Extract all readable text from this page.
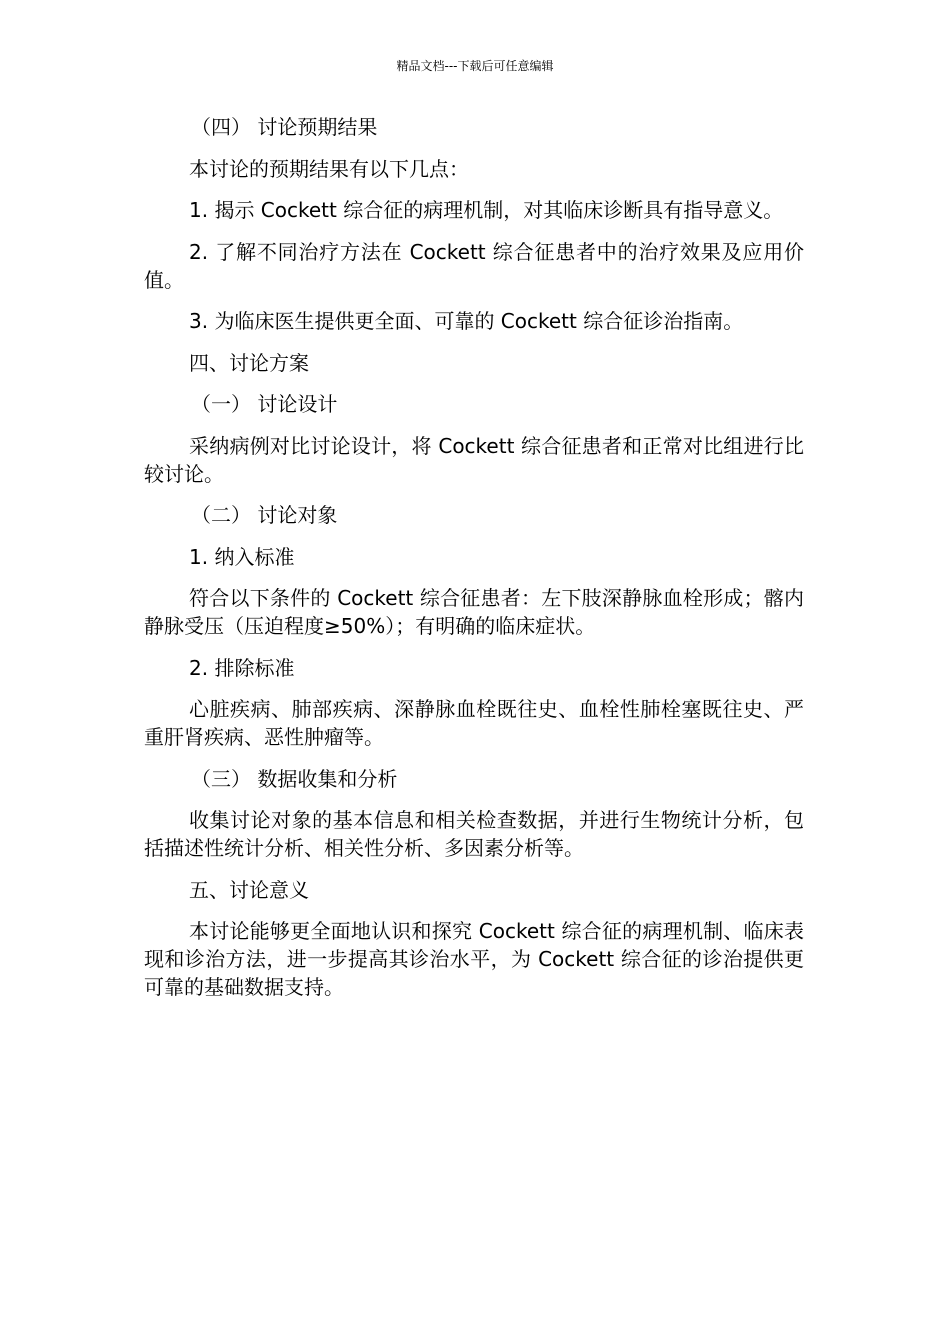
精品文档---下载后可任意编辑

（四） 讨论预期结果

本讨论的预期结果有以下几点：

1. 揭示 Cockett 综合征的病理机制，对其临床诊断具有指导意义。

2. 了解不同治疗方法在 Cockett 综合征患者中的治疗效果及应用价值。

3. 为临床医生提供更全面、可靠的 Cockett 综合征诊治指南。

四、讨论方案

（一） 讨论设计

采纳病例对比讨论设计，将 Cockett 综合征患者和正常对比组进行比较讨论。

（二） 讨论对象

1. 纳入标准

符合以下条件的 Cockett 综合征患者：左下肢深静脉血栓形成；髂内静脉受压（压迫程度≥50%）；有明确的临床症状。

2. 排除标准

心脏疾病、肺部疾病、深静脉血栓既往史、血栓性肺栓塞既往史、严重肝肾疾病、恶性肿瘤等。

（三） 数据收集和分析

收集讨论对象的基本信息和相关检查数据，并进行生物统计分析，包括描述性统计分析、相关性分析、多因素分析等。

五、讨论意义

本讨论能够更全面地认识和探究 Cockett 综合征的病理机制、临床表现和诊治方法，进一步提高其诊治水平，为 Cockett 综合征的诊治提供更可靠的基础数据支持。
